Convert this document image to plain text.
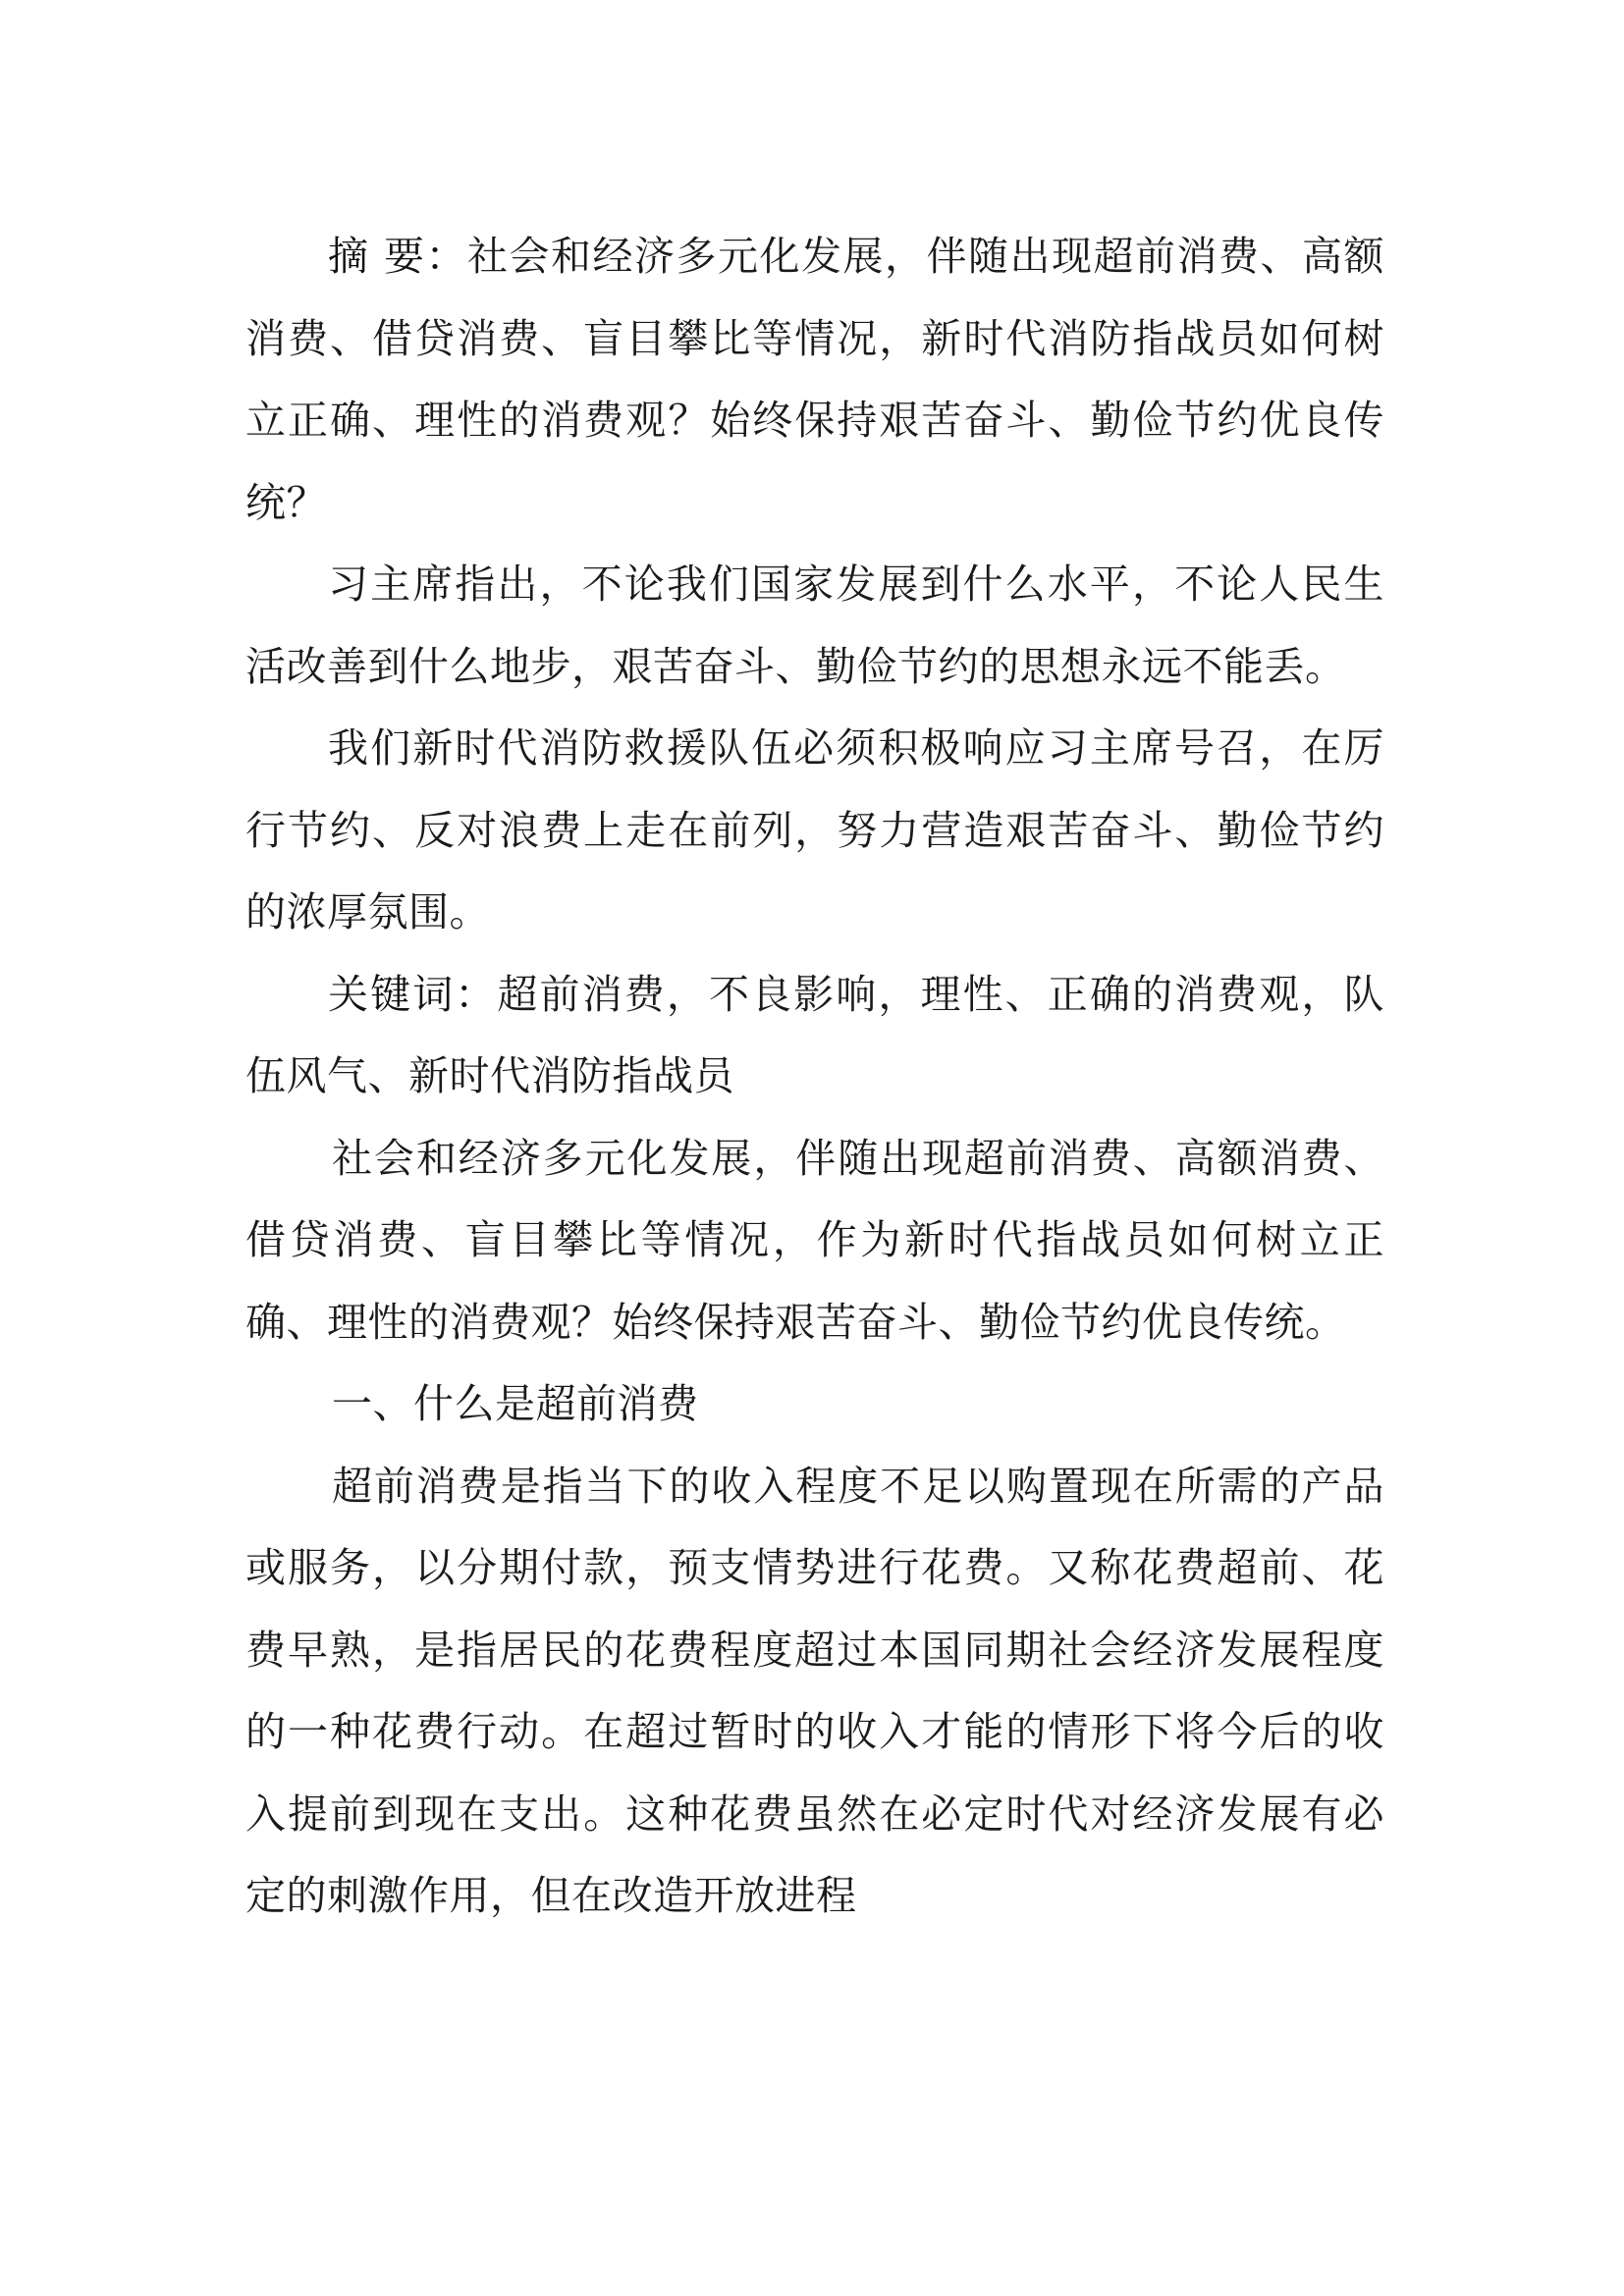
摘 要：社会和经济多元化发展，伴随出现超前消费、高额消费、借贷消费、盲目攀比等情况，新时代消防指战员如何树立正确、理性的消费观？始终保持艰苦奋斗、勤俭节约优良传统？

习主席指出，不论我们国家发展到什么水平，不论人民生活改善到什么地步，艰苦奋斗、勤俭节约的思想永远不能丢。

我们新时代消防救援队伍必须积极响应习主席号召，在厉行节约、反对浪费上走在前列，努力营造艰苦奋斗、勤俭节约的浓厚氛围。

关键词：超前消费，不良影响，理性、正确的消费观，队伍风气、新时代消防指战员

社会和经济多元化发展，伴随出现超前消费、高额消费、借贷消费、盲目攀比等情况，作为新时代指战员如何树立正确、理性的消费观？始终保持艰苦奋斗、勤俭节约优良传统。

一、什么是超前消费

超前消费是指当下的收入程度不足以购置现在所需的产品或服务，以分期付款，预支情势进行花费。又称花费超前、花费早熟，是指居民的花费程度超过本国同期社会经济发展程度的一种花费行动。在超过暂时的收入才能的情形下将今后的收入提前到现在支出。这种花费虽然在必定时代对经济发展有必定的刺激作用，但在改造开放进程
